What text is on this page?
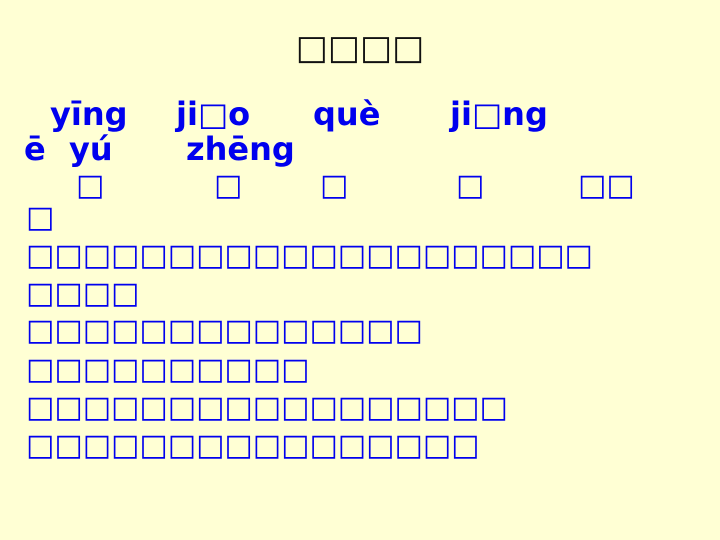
□□□□
yīng ji□o què ji□ng
ē yú zhēng
□	□	□	□	□□
□
□□□□□□□□□□□□□□□□□□□□
□□□□
□□□□□□□□□□□□□□
□□□□□□□□□□
□□□□□□□□□□□□□□□□□
□□□□□□□□□□□□□□□□
